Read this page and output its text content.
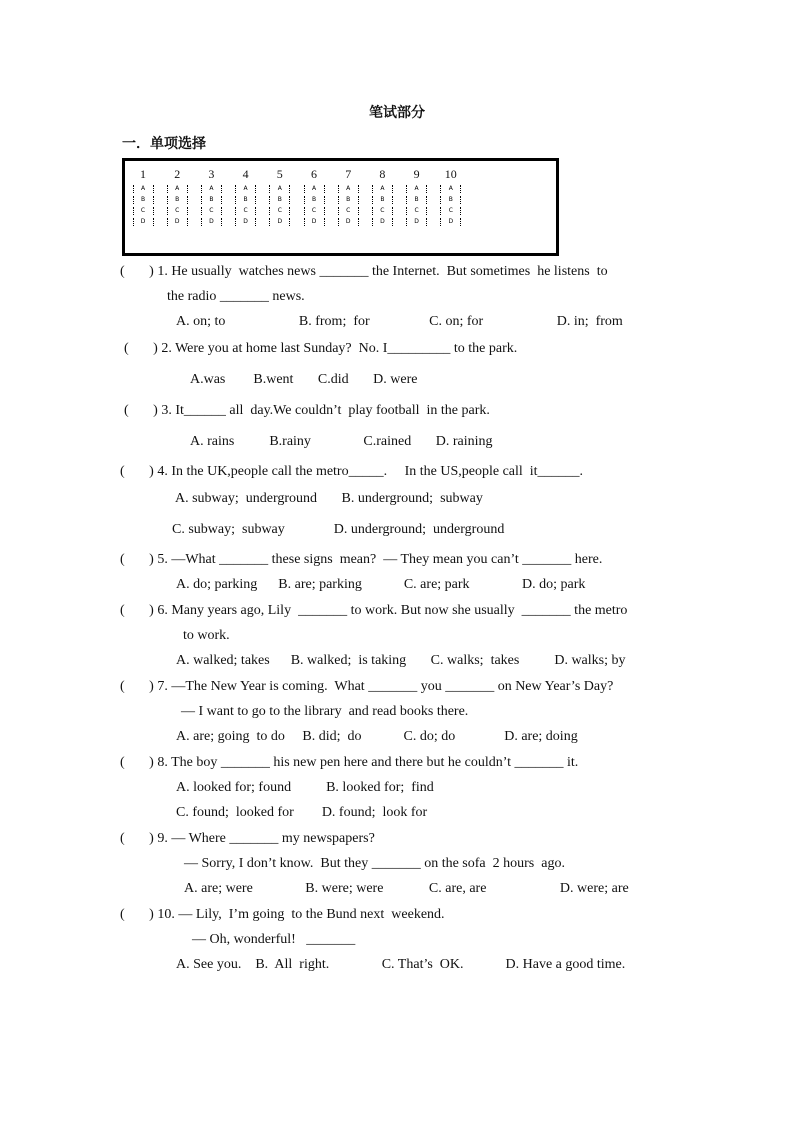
笔试部分
一．单项选择
1
A
B
C
D
2
A
B
C
D
3
A
B
C
D
4
A
B
C
D
5
A
B
C
D
6
A
B
C
D
7
A
B
C
D
8
A
B
C
D
9
A
B
C
D
10
A
B
C
D
(       ) 1. He usually  watches news _______ the Internet.  But sometimes  he listens  to
the radio _______ news.
A. on; to                     B. from;  for                 C. on; for                     D. in;  from
(       ) 2. Were you at home last Sunday?  No. I_________ to the park.
A.was        B.went       C.did       D. were
(       ) 3. It______ all  day.We couldn’t  play football  in the park.
A. rains          B.rainy               C.rained       D. raining
(       ) 4. In the UK,people call the metro_____.     In the US,people call  it______.
A. subway;  underground       B. underground;  subway
C. subway;  subway              D. underground;  underground
(       ) 5. —What _______ these signs  mean?  — They mean you can’t _______ here.
A. do; parking      B. are; parking            C. are; park               D. do; park
(       ) 6. Many years ago, Lily  _______ to work. But now she usually  _______ the metro
to work.
A. walked; takes      B. walked;  is taking       C. walks;  takes          D. walks; by
(       ) 7. —The New Year is coming.  What _______ you _______ on New Year’s Day?
— I want to go to the library  and read books there.
A. are; going  to do     B. did;  do            C. do; do              D. are; doing
(       ) 8. The boy _______ his new pen here and there but he couldn’t _______ it.
A. looked for; found          B. looked for;  find
C. found;  looked for        D. found;  look for
(       ) 9. — Where _______ my newspapers?
— Sorry, I don’t know.  But they _______ on the sofa  2 hours  ago.
A. are; were               B. were; were             C. are, are                     D. were; are
(       ) 10. — Lily,  I’m going  to the Bund next  weekend.
— Oh, wonderful!   _______
A. See you.    B.  All  right.               C. That’s  OK.            D. Have a good time.
